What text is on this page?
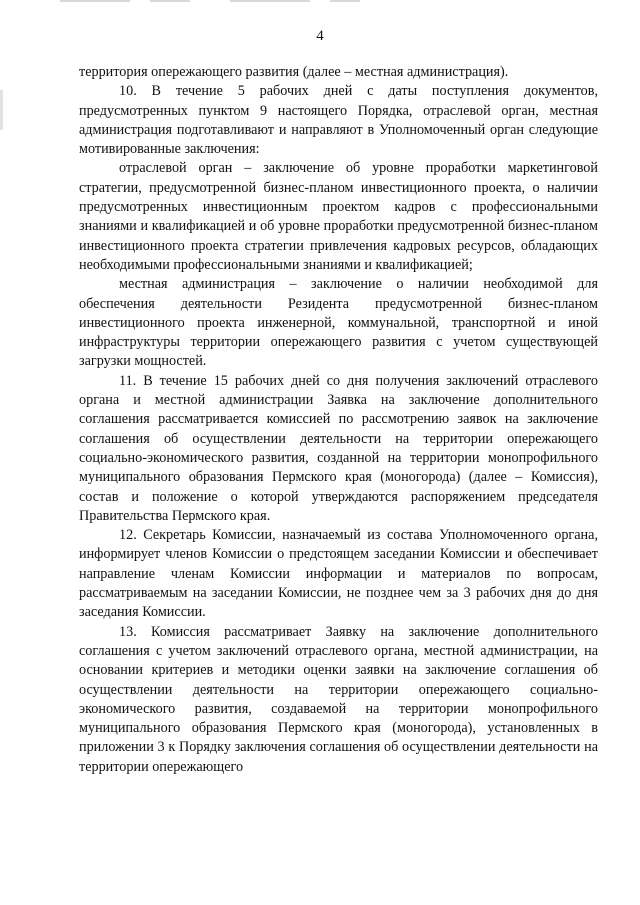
4

территория опережающего развития (далее – местная администрация).

10. В течение 5 рабочих дней с даты поступления документов, предусмотренных пунктом 9 настоящего Порядка, отраслевой орган, местная администрация подготавливают и направляют в Уполномоченный орган следующие мотивированные заключения:

отраслевой орган – заключение об уровне проработки маркетинговой стратегии, предусмотренной бизнес-планом инвестиционного проекта, о наличии предусмотренных инвестиционным проектом кадров с профессиональными знаниями и квалификацией и об уровне проработки предусмотренной бизнес-планом инвестиционного проекта стратегии привлечения кадровых ресурсов, обладающих необходимыми профессиональными знаниями и квалификацией;

местная администрация – заключение о наличии необходимой для обеспечения деятельности Резидента предусмотренной бизнес-планом инвестиционного проекта инженерной, коммунальной, транспортной и иной инфраструктуры территории опережающего развития с учетом существующей загрузки мощностей.

11. В течение 15 рабочих дней со дня получения заключений отраслевого органа и местной администрации Заявка на заключение дополнительного соглашения рассматривается комиссией по рассмотрению заявок на заключение соглашения об осуществлении деятельности на территории опережающего социально-экономического развития, созданной на территории монопрофильного муниципального образования Пермского края (моногорода) (далее – Комиссия), состав и положение о которой утверждаются распоряжением председателя Правительства Пермского края.

12. Секретарь Комиссии, назначаемый из состава Уполномоченного органа, информирует членов Комиссии о предстоящем заседании Комиссии и обеспечивает направление членам Комиссии информации и материалов по вопросам, рассматриваемым на заседании Комиссии, не позднее чем за 3 рабочих дня до дня заседания Комиссии.

13. Комиссия рассматривает Заявку на заключение дополнительного соглашения с учетом заключений отраслевого органа, местной администрации, на основании критериев и методики оценки заявки на заключение соглашения об осуществлении деятельности на территории опережающего социально-экономического развития, создаваемой на территории монопрофильного муниципального образования Пермского края (моногорода), установленных в приложении 3 к Порядку заключения соглашения об осуществлении деятельности на территории опережающего
